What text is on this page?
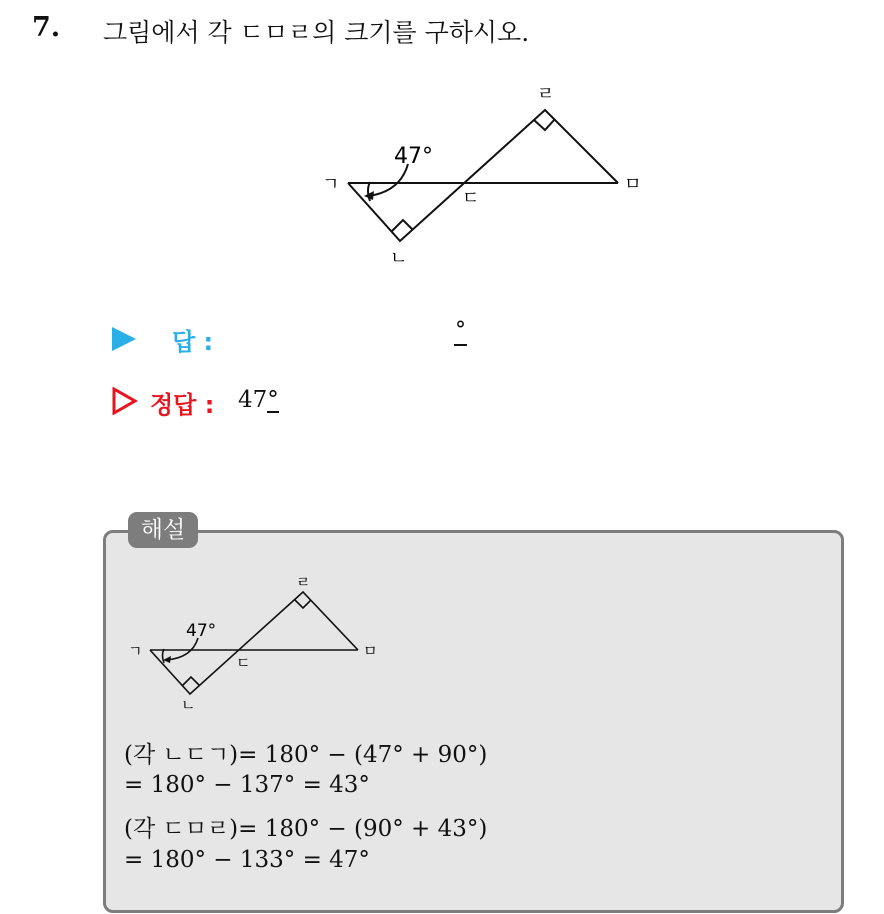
7. 그림에서 각 ㄷㅁㄹ의 크기를 구하시오.
47°
ㄱ
ㄴ
ㄷ
ㄹ
ㅁ
답 :	°
정답 : 47°
해설
47°
ㄱ
ㄴ
ㄷ
ㄹ
ㅁ
(각 ㄴㄷㄱ)= 180° − (47° + 90°)
= 180° − 137° = 43°
(각 ㄷㅁㄹ)= 180° − (90° + 43°)
= 180° − 133° = 47°
